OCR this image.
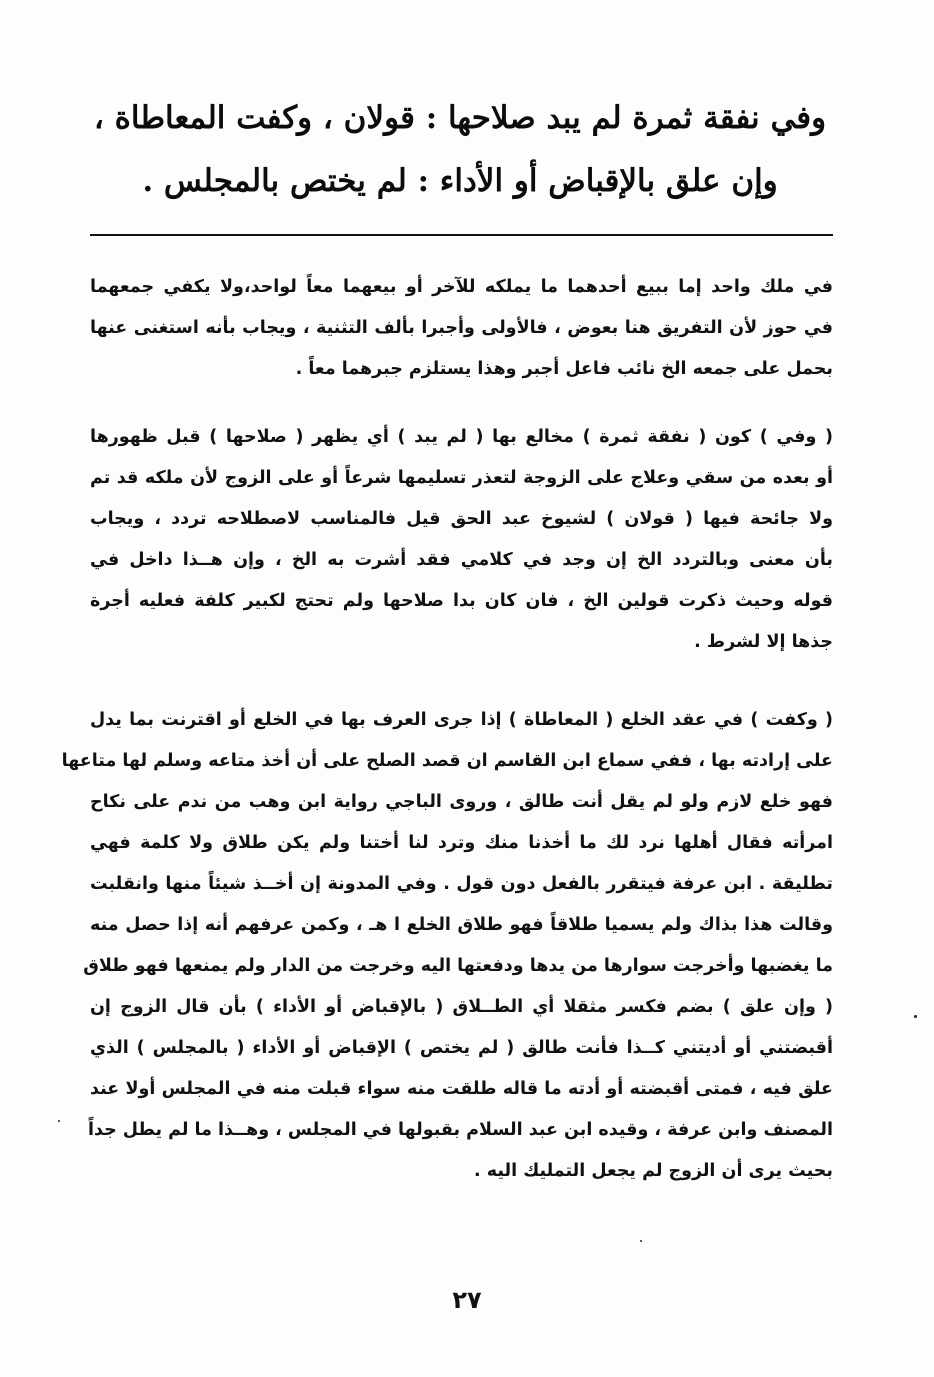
وفي نفقة ثمرة لم يبد صلاحها : قولان ، وكفت المعاطاة ،
وإن علق بالإقباض أو الأداء : لم يختص بالمجلس .
في ملك واحد إما ببيع أحدهما ما يملكه للآخر أو بيعهما معاً لواحد،ولا يكفي جمعهما
في حوز لأن التفريق هنا بعوض ، فالأولى وأجبرا بألف التثنية ، ويجاب بأنه استغنى عنها
بحمل على جمعه الخ نائب فاعل أجبر وهذا يستلزم جبرهما معاً .
( وفي ) كون ( نفقة ثمرة ) مخالع بها ( لم يبد ) أي يظهر ( صلاحها ) قبل ظهورها
أو بعده من سقي وعلاج على الزوجة لتعذر تسليمها شرعاً أو على الزوج لأن ملكه قد تم
ولا جائحة فيها ( قولان ) لشيوخ عبد الحق قيل فالمناسب لاصطلاحه تردد ، ويجاب
بأن معنى وبالتردد الخ إن وجد في كلامي فقد أشرت به الخ ، وإن هــذا داخل في
قوله وحيث ذكرت قولين الخ ، فان كان بدا صلاحها ولم تحتج لكبير كلفة فعليه أجرة
جذها إلا لشرط .
( وكفت ) في عقد الخلع ( المعاطاة ) إذا جرى العرف بها في الخلع أو اقترنت بما يدل
على إرادته بها ، ففي سماع ابن القاسم ان قصد الصلح على أن أخذ متاعه وسلم لها متاعها
فهو خلع لازم ولو لم يقل أنت طالق ، وروى الباجي رواية ابن وهب من ندم على نكاح
امرأته فقال أهلها نرد لك ما أخذنا منك وترد لنا أختنا ولم يكن طلاق ولا كلمة فهي
تطليقة . ابن عرفة فيتقرر بالفعل دون قول . وفي المدونة إن أخــذ شيئاً منها وانقلبت
وقالت هذا بذاك ولم يسميا طلاقاً فهو طلاق الخلع ا هـ ، وكمن عرفهم أنه إذا حصل منه
ما يغضبها وأخرجت سوارها من يدها ودفعتها اليه وخرجت من الدار ولم يمنعها فهو طلاق
( وإن علق ) بضم فكسر مثقلا أي الطــلاق ( بالإقباض أو الأداء ) بأن قال الزوج إن
أقبضتني أو أديتني كــذا فأنت طالق ( لم يختص ) الإقباض أو الأداء ( بالمجلس ) الذي
علق فيه ، فمتى أقبضته أو أدته ما قاله طلقت منه سواء قبلت منه في المجلس أولا عند
المصنف وابن عرفة ، وقيده ابن عبد السلام بقبولها في المجلس ، وهــذا ما لم يطل جداً
بحيث يرى أن الزوج لم يجعل التمليك اليه .
٢٧
